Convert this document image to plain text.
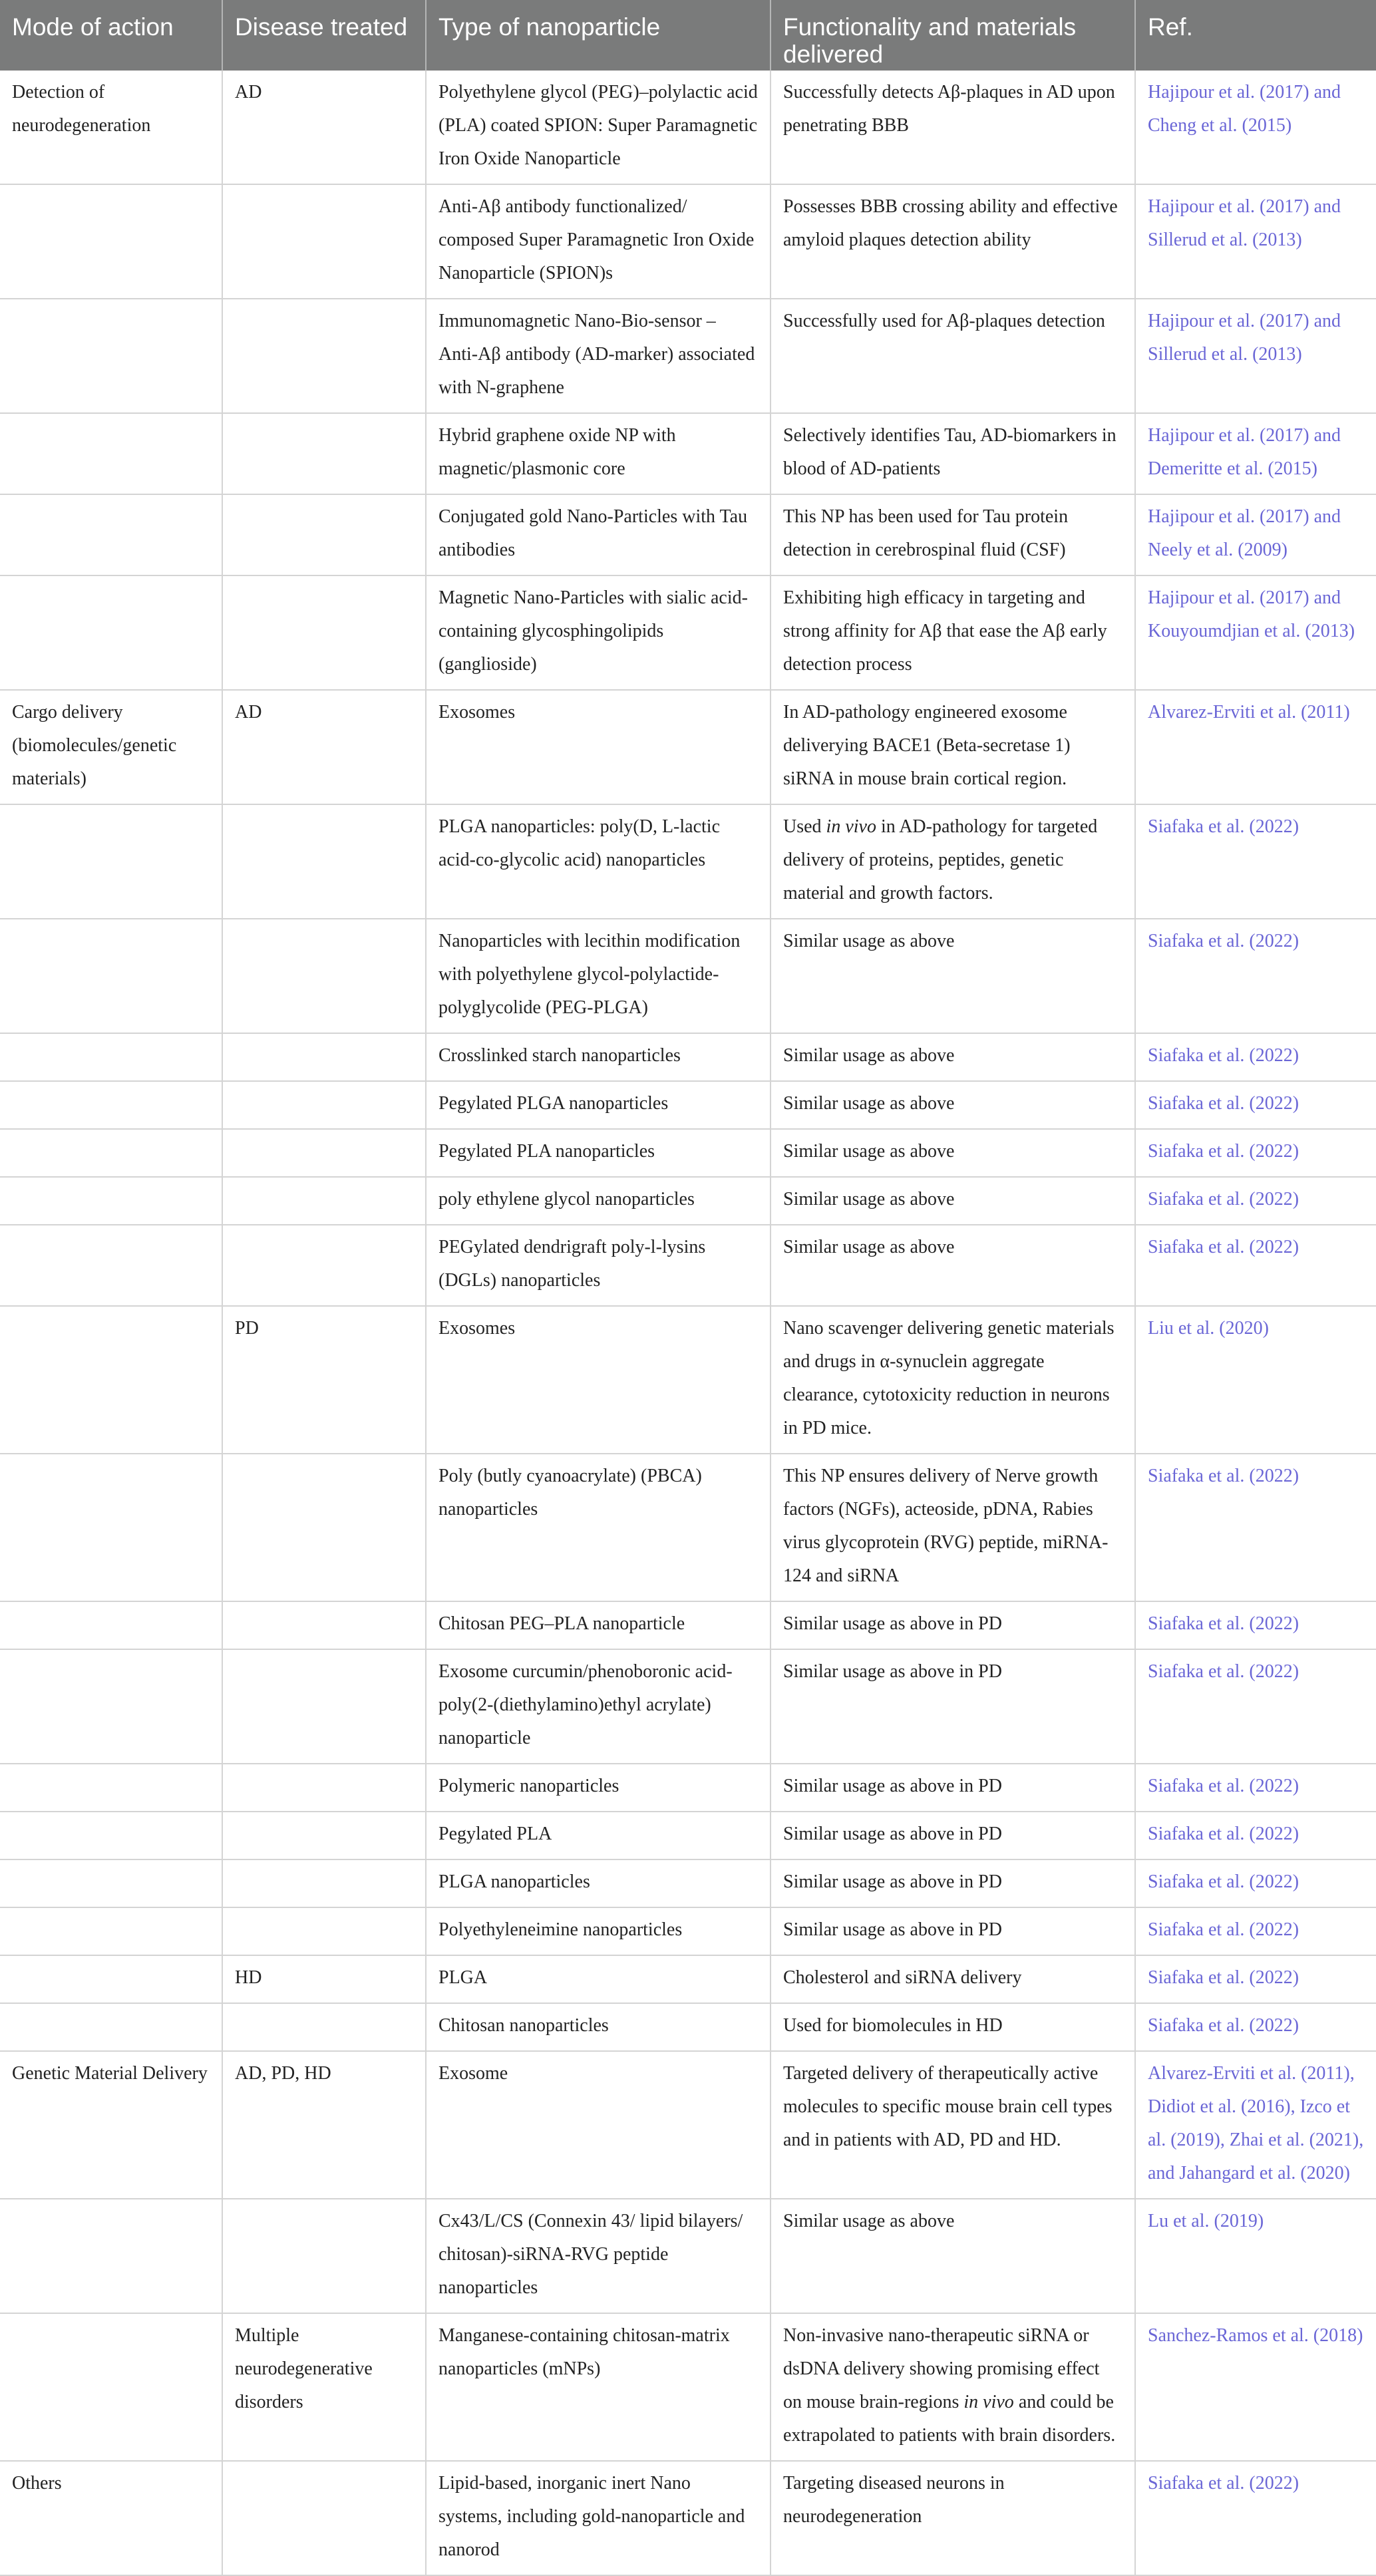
Mode of action	Disease treated	Type of nanoparticle	Functionality and materials delivered	Ref.
Detection of neurodegeneration	AD	Polyethylene glycol (PEG)–polylactic acid (PLA) coated SPION: Super Paramagnetic Iron Oxide Nanoparticle	Successfully detects Aβ-plaques in AD upon penetrating BBB	Hajipour et al. (2017) and Cheng et al. (2015)
		Anti-Aβ antibody functionalized/ composed Super Paramagnetic Iron Oxide Nanoparticle (SPION)s	Possesses BBB crossing ability and effective amyloid plaques detection ability	Hajipour et al. (2017) and Sillerud et al. (2013)
		Immunomagnetic Nano-Bio-sensor – Anti-Aβ antibody (AD-marker) associated with N-graphene	Successfully used for Aβ-plaques detection	Hajipour et al. (2017) and Sillerud et al. (2013)
		Hybrid graphene oxide NP with magnetic/plasmonic core	Selectively identifies Tau, AD-biomarkers in blood of AD-patients	Hajipour et al. (2017) and Demeritte et al. (2015)
		Conjugated gold Nano-Particles with Tau antibodies	This NP has been used for Tau protein detection in cerebrospinal fluid (CSF)	Hajipour et al. (2017) and Neely et al. (2009)
		Magnetic Nano-Particles with sialic acid-containing glycosphingolipids (ganglioside)	Exhibiting high efficacy in targeting and strong affinity for Aβ that ease the Aβ early detection process	Hajipour et al. (2017) and Kouyoumdjian et al. (2013)
Cargo delivery (biomolecules/genetic materials)	AD	Exosomes	In AD-pathology engineered exosome deliverying BACE1 (Beta-secretase 1) siRNA in mouse brain cortical region.	Alvarez-Erviti et al. (2011)
		PLGA nanoparticles: poly(D, L-lactic acid-co-glycolic acid) nanoparticles	Used in vivo in AD-pathology for targeted delivery of proteins, peptides, genetic material and growth factors.	Siafaka et al. (2022)
		Nanoparticles with lecithin modification with polyethylene glycol-polylactide-polyglycolide (PEG-PLGA)	Similar usage as above	Siafaka et al. (2022)
		Crosslinked starch nanoparticles	Similar usage as above	Siafaka et al. (2022)
		Pegylated PLGA nanoparticles	Similar usage as above	Siafaka et al. (2022)
		Pegylated PLA nanoparticles	Similar usage as above	Siafaka et al. (2022)
		poly ethylene glycol nanoparticles	Similar usage as above	Siafaka et al. (2022)
		PEGylated dendrigraft poly-l-lysins (DGLs) nanoparticles	Similar usage as above	Siafaka et al. (2022)
	PD	Exosomes	Nano scavenger delivering genetic materials and drugs in α-synuclein aggregate clearance, cytotoxicity reduction in neurons in PD mice.	Liu et al. (2020)
		Poly (butly cyanoacrylate) (PBCA) nanoparticles	This NP ensures delivery of Nerve growth factors (NGFs), acteoside, pDNA, Rabies virus glycoprotein (RVG) peptide, miRNA-124 and siRNA	Siafaka et al. (2022)
		Chitosan PEG–PLA nanoparticle	Similar usage as above in PD	Siafaka et al. (2022)
		Exosome curcumin/phenoboronic acid-poly(2-(diethylamino)ethyl acrylate) nanoparticle	Similar usage as above in PD	Siafaka et al. (2022)
		Polymeric nanoparticles	Similar usage as above in PD	Siafaka et al. (2022)
		Pegylated PLA	Similar usage as above in PD	Siafaka et al. (2022)
		PLGA nanoparticles	Similar usage as above in PD	Siafaka et al. (2022)
		Polyethyleneimine nanoparticles	Similar usage as above in PD	Siafaka et al. (2022)
	HD	PLGA	Cholesterol and siRNA delivery	Siafaka et al. (2022)
		Chitosan nanoparticles	Used for biomolecules in HD	Siafaka et al. (2022)
Genetic Material Delivery	AD, PD, HD	Exosome	Targeted delivery of therapeutically active molecules to specific mouse brain cell types and in patients with AD, PD and HD.	Alvarez-Erviti et al. (2011), Didiot et al. (2016), Izco et al. (2019), Zhai et al. (2021), and Jahangard et al. (2020)
		Cx43/L/CS (Connexin 43/ lipid bilayers/ chitosan)-siRNA-RVG peptide nanoparticles	Similar usage as above	Lu et al. (2019)
	Multiple neurodegenerative disorders	Manganese-containing chitosan-matrix nanoparticles (mNPs)	Non-invasive nano-therapeutic siRNA or dsDNA delivery showing promising effect on mouse brain-regions in vivo and could be extrapolated to patients with brain disorders.	Sanchez-Ramos et al. (2018)
Others		Lipid-based, inorganic inert Nano systems, including gold-nanoparticle and nanorod	Targeting diseased neurons in neurodegeneration	Siafaka et al. (2022)
